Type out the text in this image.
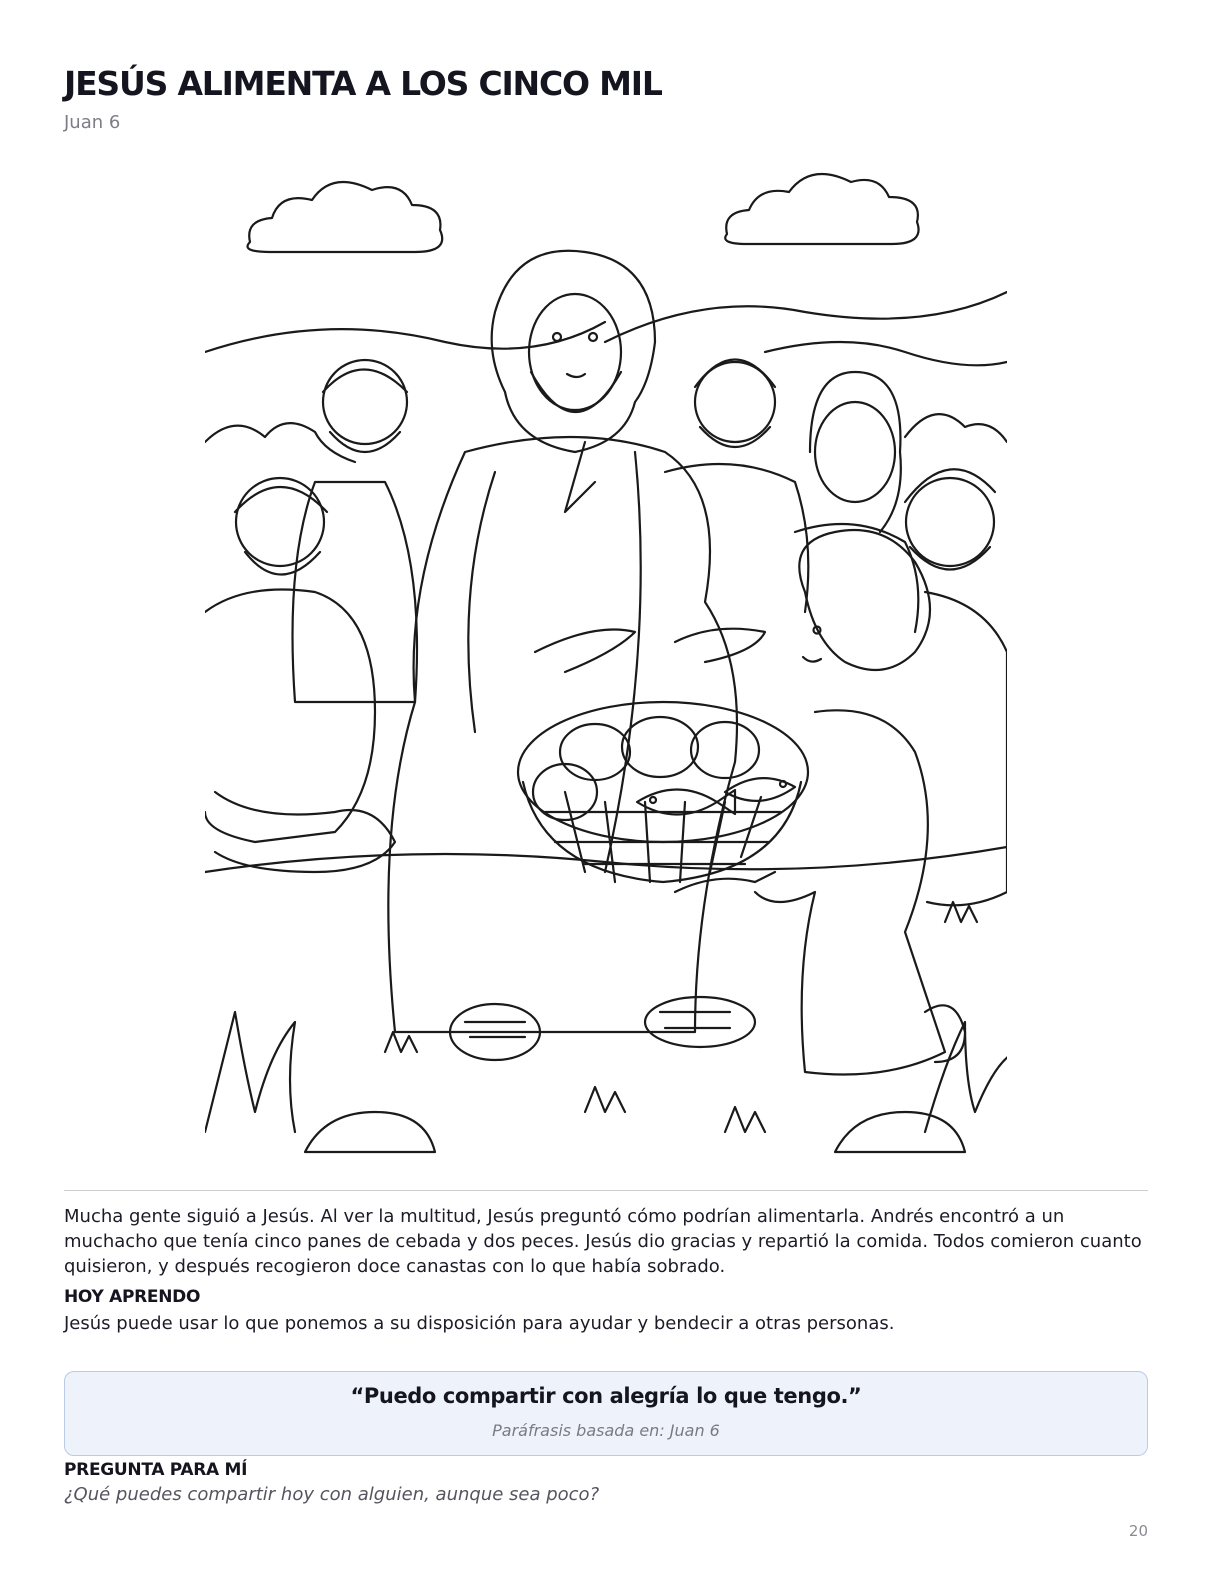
JESÚS ALIMENTA A LOS CINCO MIL
Juan 6

Mucha gente siguió a Jesús. Al ver la multitud, Jesús preguntó cómo podrían alimentarla. Andrés encontró a un muchacho que tenía cinco panes de cebada y dos peces. Jesús dio gracias y repartió la comida. Todos comieron cuanto quisieron, y después recogieron doce canastas con lo que había sobrado.

HOY APRENDO
Jesús puede usar lo que ponemos a su disposición para ayudar y bendecir a otras personas.
“Puedo compartir con alegría lo que tengo.”
Paráfrasis basada en: Juan 6
PREGUNTA PARA MÍ
¿Qué puedes compartir hoy con alguien, aunque sea poco?
20
